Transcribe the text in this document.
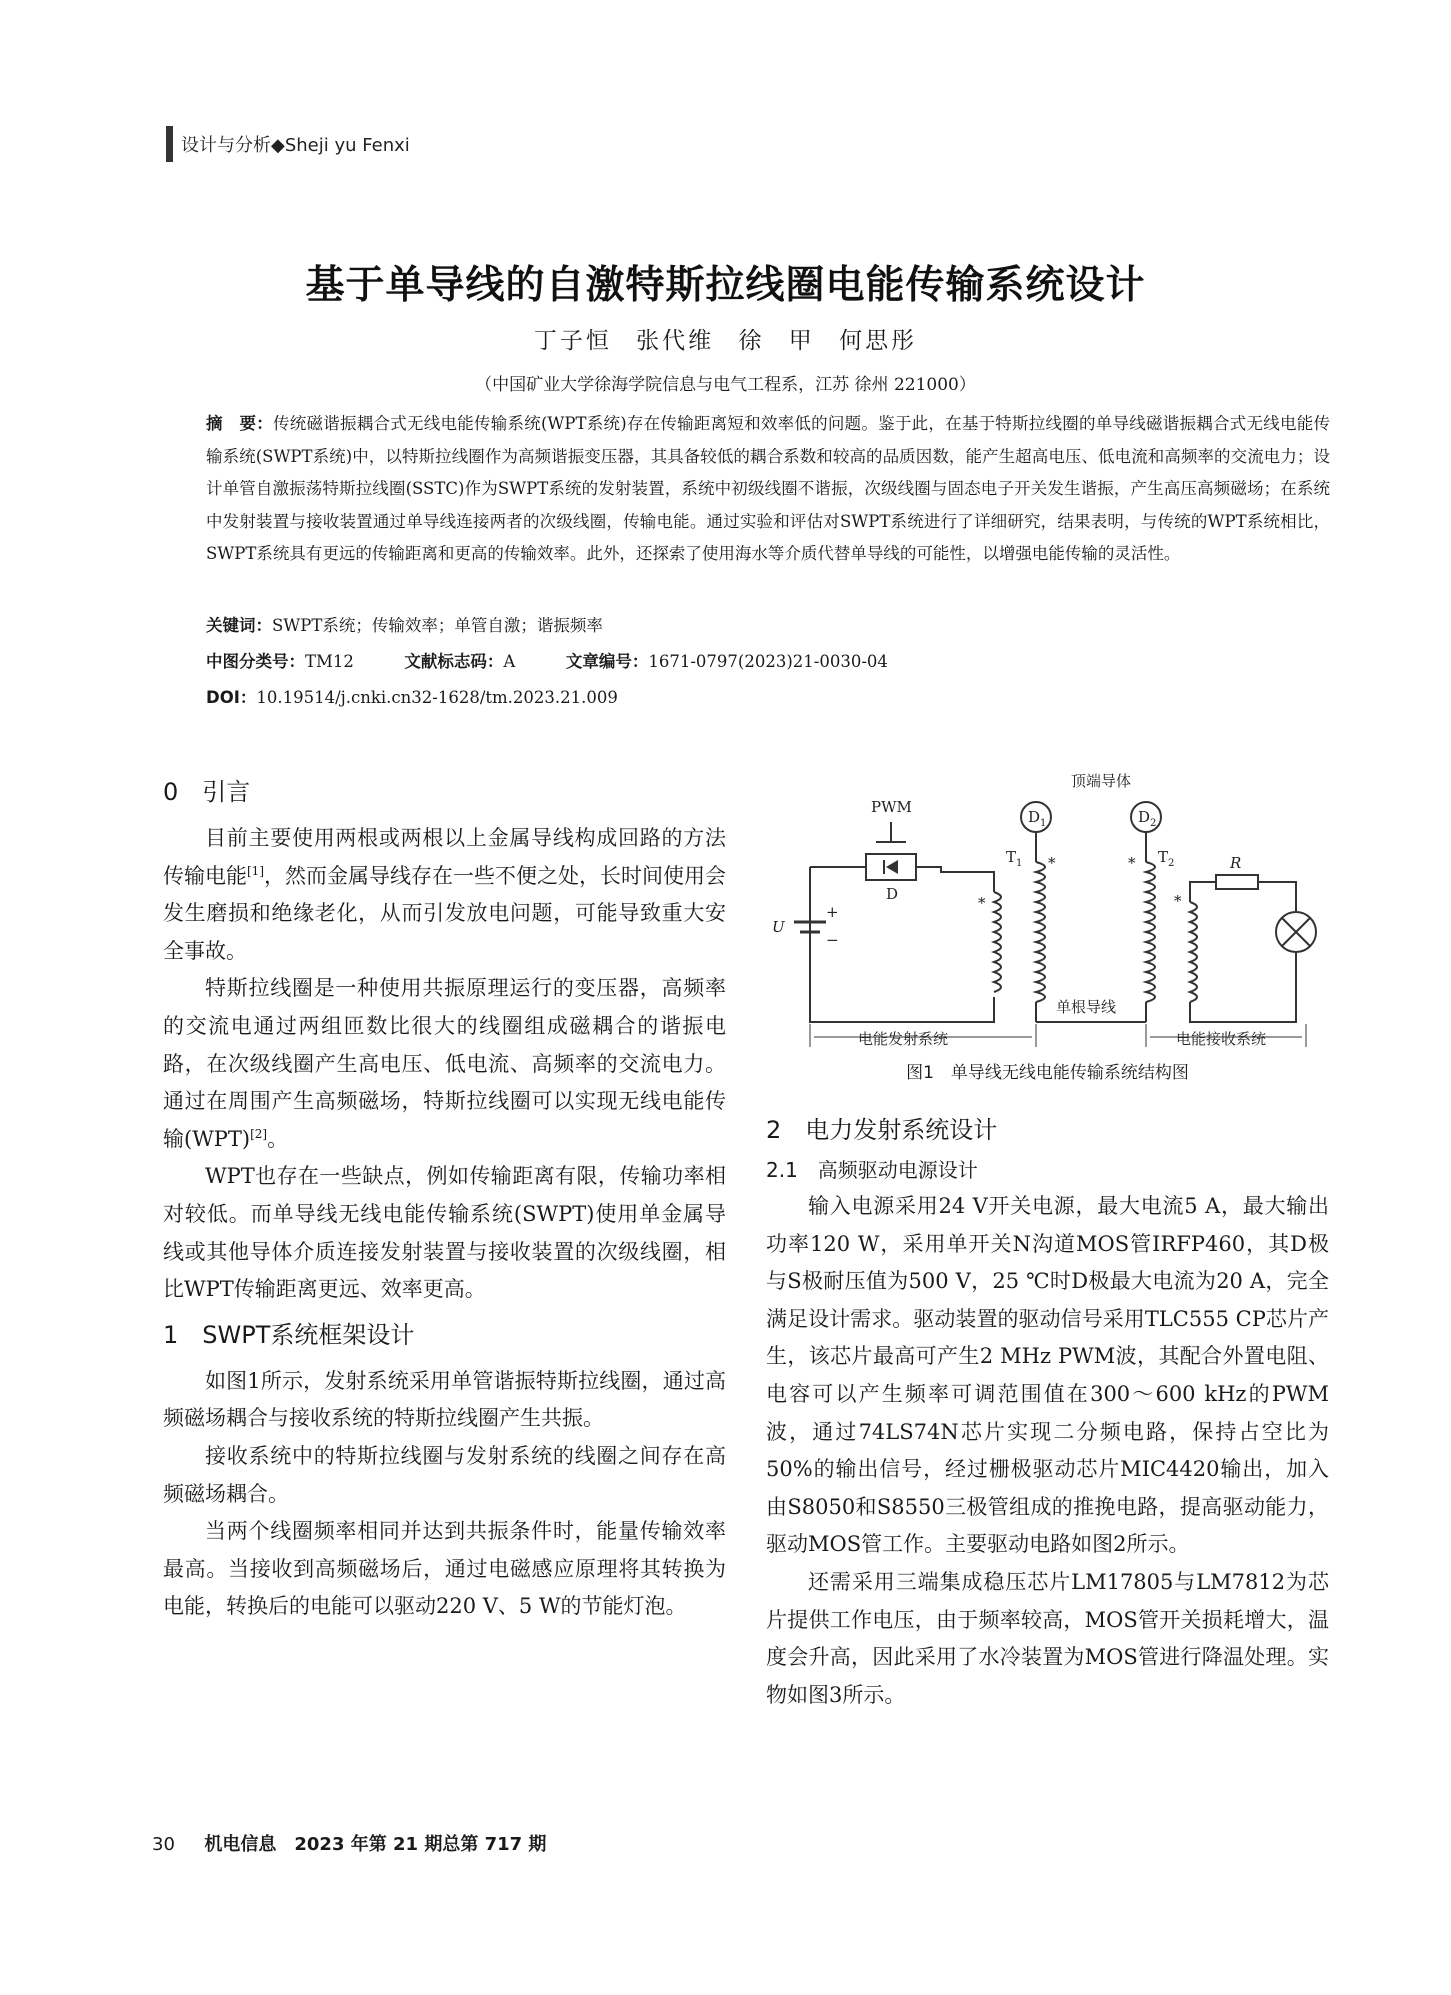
设计与分析◆Sheji yu Fenxi
基于单导线的自激特斯拉线圈电能传输系统设计
丁子恒 张代维 徐 甲 何思彤
（中国矿业大学徐海学院信息与电气工程系，江苏 徐州 221000）
摘　要：传统磁谐振耦合式无线电能传输系统(WPT系统)存在传输距离短和效率低的问题。鉴于此，在基于特斯拉线圈的单导线磁谐振耦合式无线电能传输系统(SWPT系统)中，以特斯拉线圈作为高频谐振变压器，其具备较低的耦合系数和较高的品质因数，能产生超高电压、低电流和高频率的交流电力；设计单管自激振荡特斯拉线圈(SSTC)作为SWPT系统的发射装置，系统中初级线圈不谐振，次级线圈与固态电子开关发生谐振，产生高压高频磁场；在系统中发射装置与接收装置通过单导线连接两者的次级线圈，传输电能。通过实验和评估对SWPT系统进行了详细研究，结果表明，与传统的WPT系统相比，SWPT系统具有更远的传输距离和更高的传输效率。此外，还探索了使用海水等介质代替单导线的可能性，以增强电能传输的灵活性。
关键词：SWPT系统；传输效率；单管自激；谐振频率
中图分类号：TM12	文献标志码：A	文章编号：1671-0797(2023)21-0030-04
DOI：10.19514/j.cnki.cn32-1628/tm.2023.21.009
0　引言

目前主要使用两根或两根以上金属导线构成回路的方法传输电能[1]，然而金属导线存在一些不便之处，长时间使用会发生磨损和绝缘老化，从而引发放电问题，可能导致重大安全事故。

特斯拉线圈是一种使用共振原理运行的变压器，高频率的交流电通过两组匝数比很大的线圈组成磁耦合的谐振电路，在次级线圈产生高电压、低电流、高频率的交流电力。通过在周围产生高频磁场，特斯拉线圈可以实现无线电能传输(WPT)[2]。

WPT也存在一些缺点，例如传输距离有限，传输功率相对较低。而单导线无线电能传输系统(SWPT)使用单金属导线或其他导体介质连接发射装置与接收装置的次级线圈，相比WPT传输距离更远、效率更高。

1　SWPT系统框架设计

如图1所示，发射系统采用单管谐振特斯拉线圈，通过高频磁场耦合与接收系统的特斯拉线圈产生共振。

接收系统中的特斯拉线圈与发射系统的线圈之间存在高频磁场耦合。

当两个线圈频率相同并达到共振条件时，能量传输效率最高。当接收到高频磁场后，通过电磁感应原理将其转换为电能，转换后的电能可以驱动220 V、5 W的节能灯泡。

顶端导体
PWM
$D_1$	$D_2$
$T_1$	$T_2$
D
U
R
+
−
*
*	*
*
电能发射系统
单根导线
电能接收系统
图1　单导线无线电能传输系统结构图
2　电力发射系统设计
2.1　高频驱动电源设计

输入电源采用24 V开关电源，最大电流5 A，最大输出功率120 W，采用单开关N沟道MOS管IRFP460，其D极与S极耐压值为500 V，25 ℃时D极最大电流为20 A，完全满足设计需求。驱动装置的驱动信号采用TLC555 CP芯片产生，该芯片最高可产生2 MHz PWM波，其配合外置电阻、电容可以产生频率可调范围值在300～600 kHz的PWM波，通过74LS74N芯片实现二分频电路，保持占空比为50%的输出信号，经过栅极驱动芯片MIC4420输出，加入由S8050和S8550三极管组成的推挽电路，提高驱动能力，驱动MOS管工作。主要驱动电路如图2所示。

还需采用三端集成稳压芯片LM17805与LM7812为芯片提供工作电压，由于频率较高，MOS管开关损耗增大，温度会升高，因此采用了水冷装置为MOS管进行降温处理。实物如图3所示。

30 机电信息　2023 年第 21 期总第 717 期
